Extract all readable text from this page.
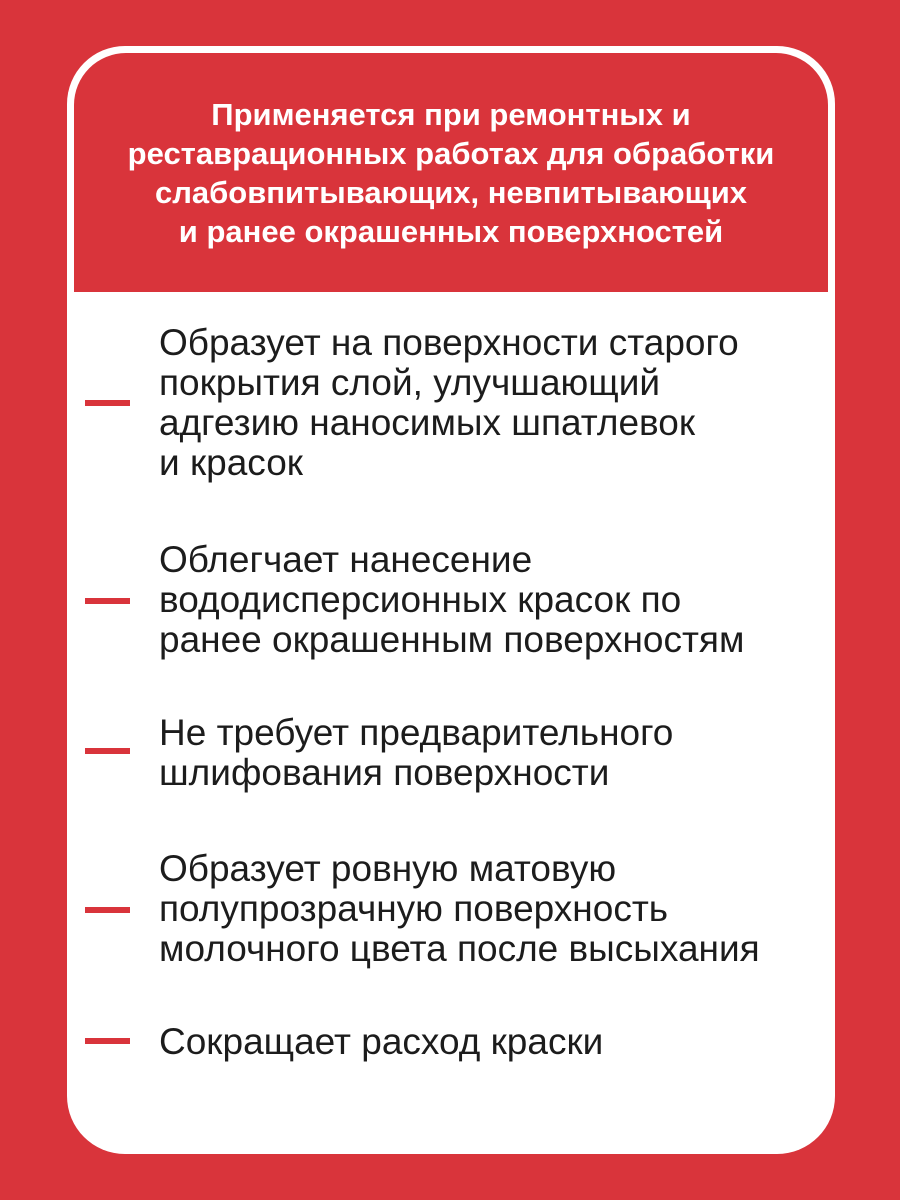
Применяется при ремонтных и
реставрационных работах для обработки
слабовпитывающих, невпитывающих
и ранее окрашенных поверхностей

Образует на поверхности старого
покрытия слой, улучшающий
адгезию наносимых шпатлевок
и красок

Облегчает нанесение
вододисперсионных красок по
ранее окрашенным поверхностям

Не требует предварительного
шлифования поверхности

Образует ровную матовую
полупрозрачную поверхность
молочного цвета после высыхания

Сокращает расход краски
